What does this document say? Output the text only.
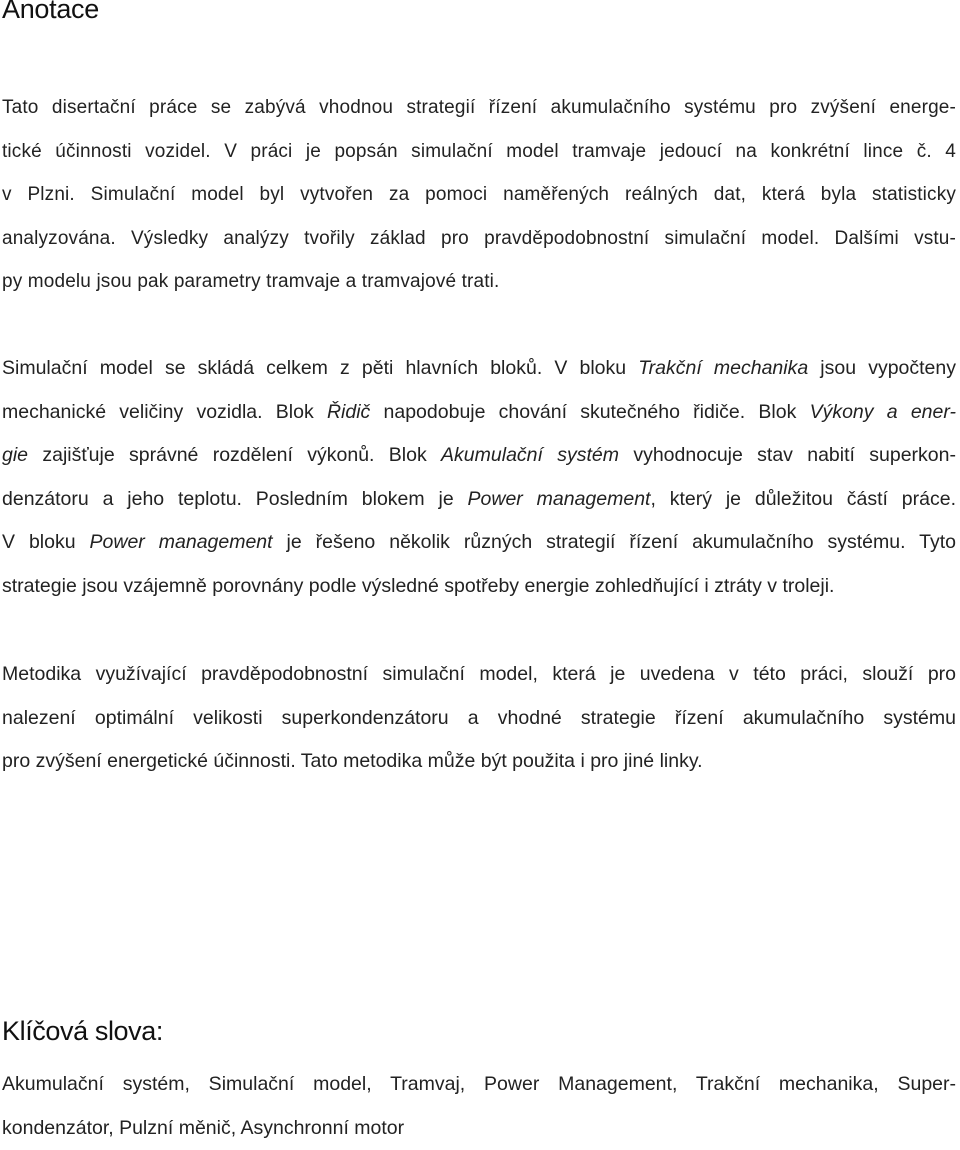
Anotace

Tato disertační práce se zabývá vhodnou strategií řízení akumulačního systému pro zvýšení energe-
tické účinnosti vozidel. V práci je popsán simulační model tramvaje jedoucí na konkrétní lince č. 4
v Plzni. Simulační model byl vytvořen za pomoci naměřených reálných dat, která byla statisticky
analyzována. Výsledky analýzy tvořily základ pro pravděpodobnostní simulační model. Dalšími vstu-
py modelu jsou pak parametry tramvaje a tramvajové trati.

Simulační model se skládá celkem z pěti hlavních bloků. V bloku Trakční mechanika jsou vypočteny
mechanické veličiny vozidla. Blok Řidič napodobuje chování skutečného řidiče. Blok Výkony a ener-
gie zajišťuje správné rozdělení výkonů. Blok Akumulační systém vyhodnocuje stav nabití superkon-
denzátoru a jeho teplotu. Posledním blokem je Power management, který je důležitou částí práce.
V bloku Power management je řešeno několik různých strategií řízení akumulačního systému. Tyto
strategie jsou vzájemně porovnány podle výsledné spotřeby energie zohledňující i ztráty v troleji.

Metodika využívající pravděpodobnostní simulační model, která je uvedena v této práci, slouží pro
nalezení optimální velikosti superkondenzátoru a vhodné strategie řízení akumulačního systému
pro zvýšení energetické účinnosti. Tato metodika může být použita i pro jiné linky.

Klíčová slova:

Akumulační systém, Simulační model, Tramvaj, Power Management, Trakční mechanika, Super-
kondenzátor, Pulzní měnič, Asynchronní motor
